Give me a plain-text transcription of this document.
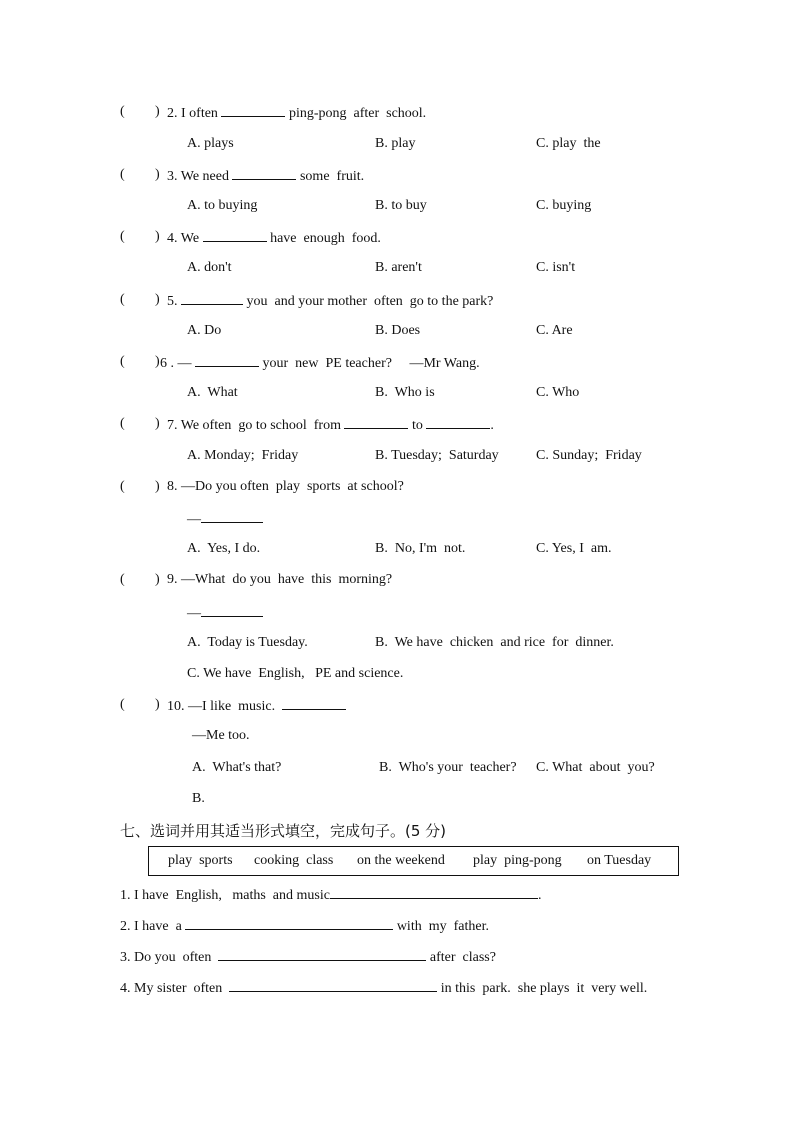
( ) 2. I often	ping-pong  after  school.
A. plays	B. play	C. play  the
( ) 3. We need	some  fruit.
A. to buying	B. to buy	C. buying
( ) 4. We	have  enough  food.
A. don't	B. aren't	C. isn't
( ) 5.	you  and your mother  often  go to the park?
A. Do	B. Does	C. Are
( ) 6 . —	your  new  PE teacher?     —Mr Wang.
A.  What	B.  Who is	C. Who
( ) 7. We often  go to school  from	to	.
A. Monday;  Friday	B. Tuesday;  Saturday	C. Sunday;  Friday
( ) 8. —Do you often  play  sports  at school?
—
A.  Yes, I do.	B.  No, I'm  not.	C. Yes, I  am.
( ) 9. —What  do you  have  this  morning?
—
A.  Today is Tuesday.	B.  We have  chicken  and rice  for  dinner.
C. We have  English,   PE and science.
( ) 10. —I like  music.
—Me too.
A.  What's that?	B.  Who's your  teacher? C. What  about  you?
B.
七、选词并用其适当形式填空，完成句子。(5 分)
play  sports cooking  class on the weekend play  ping-pong on Tuesday
1. I have  English,   maths  and music	.
2. I have  a	with  my  father.
3. Do you  often	after  class?
4. My sister  often	in this  park.  she plays  it  very well.
